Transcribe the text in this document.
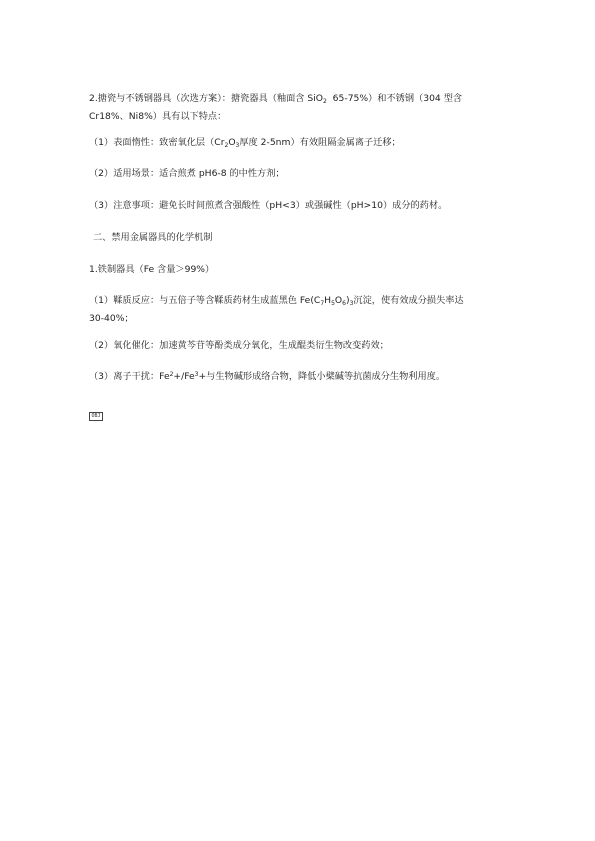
2.搪瓷与不锈钢器具（次选方案）：搪瓷器具（釉面含 SiO$_2$  65-75%）和不锈钢（304 型含
Cr18%、Ni8%）具有以下特点：

（1）表面惰性：致密氧化层（$Cr_2O_3$厚度 2-5nm）有效阻隔金属离子迁移；

（2）适用场景：适合煎煮 pH6-8 的中性方剂；

（3）注意事项：避免长时间煎煮含强酸性（pH<3）或强碱性（pH>10）成分的药材。

二、禁用金属器具的化学机制

1.铁制器具（Fe 含量＞99%）

（1）鞣质反应：与五倍子等含鞣质药材生成蓝黑色 $Fe(C_7H_5O_6)_3$沉淀，使有效成分损失率达
30-40%；

（2）氧化催化：加速黄芩苷等酚类成分氧化，生成醌类衍生物改变药效；

（3）离子干扰：$Fe^2+/Fe^3+$与生物碱形成络合物，降低小檗碱等抗菌成分生物利用度。

OBJ
